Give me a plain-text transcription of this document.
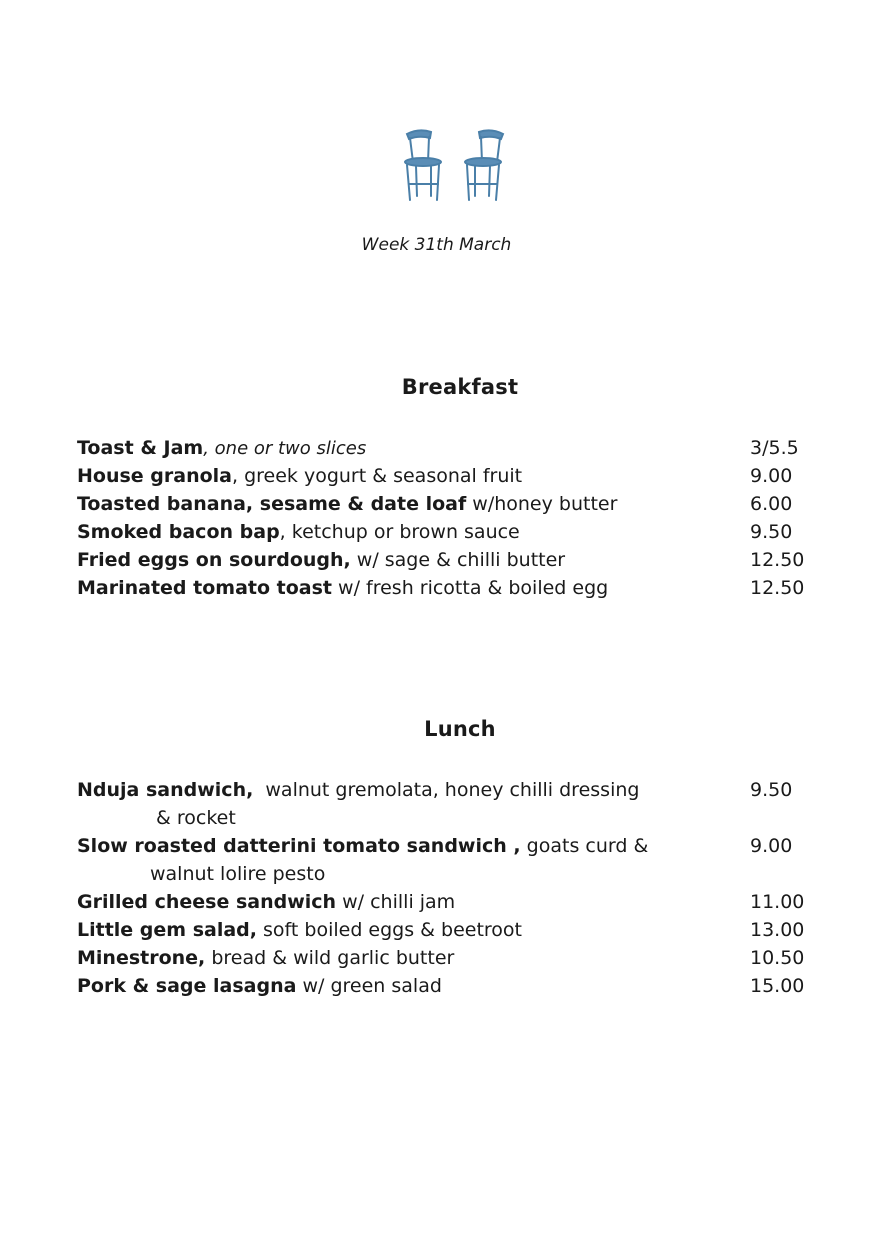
Week 31th March
Breakfast
Toast & Jam, one or two slices	3/5.5
House granola, greek yogurt & seasonal fruit	9.00
Toasted banana, sesame & date loaf w/honey butter	6.00
Smoked bacon bap, ketchup or brown sauce	9.50
Fried eggs on sourdough, w/ sage & chilli butter	12.50
Marinated tomato toast w/ fresh ricotta & boiled egg	12.50
Lunch
Nduja sandwich,  walnut gremolata, honey chilli dressing	9.50
& rocket
Slow roasted datterini tomato sandwich , goats curd &	9.00
walnut lolire pesto
Grilled cheese sandwich w/ chilli jam	11.00
Little gem salad, soft boiled eggs & beetroot	13.00
Minestrone, bread & wild garlic butter	10.50
Pork & sage lasagna w/ green salad	15.00
